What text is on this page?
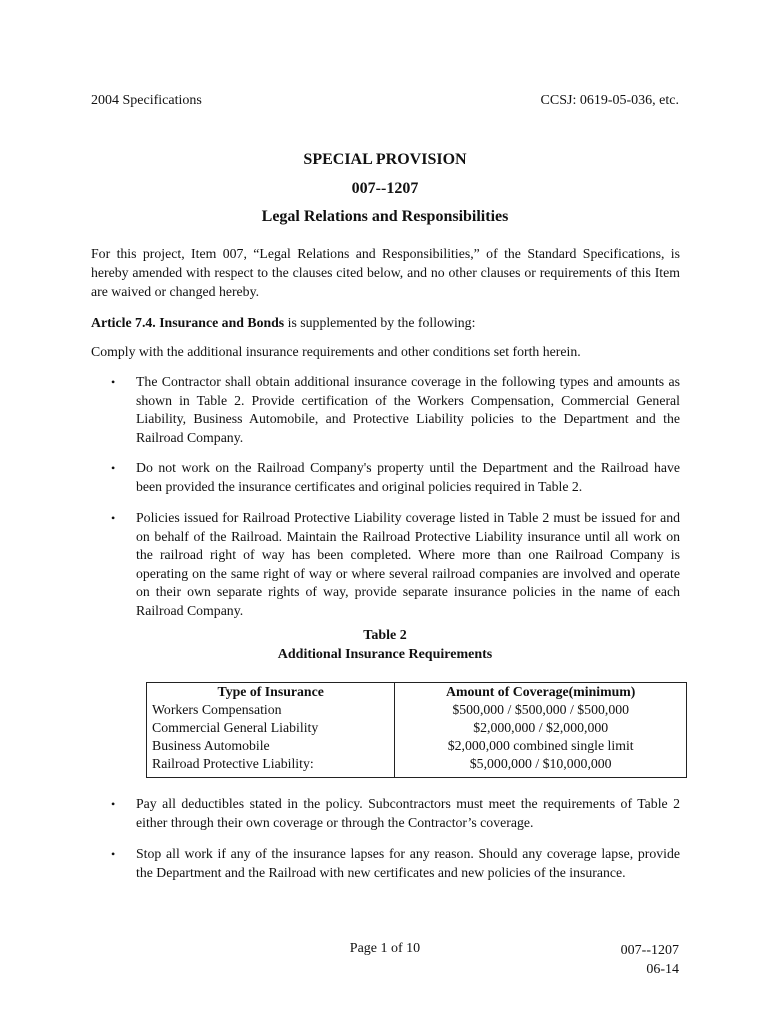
2004 Specifications	CCSJ: 0619-05-036, etc.
SPECIAL PROVISION
007--1207
Legal Relations and Responsibilities
For this project, Item 007, “Legal Relations and Responsibilities,” of the Standard Specifications, is hereby amended with respect to the clauses cited below, and no other clauses or requirements of this Item are waived or changed hereby.
Article 7.4. Insurance and Bonds is supplemented by the following:
Comply with the additional insurance requirements and other conditions set forth herein.
• The Contractor shall obtain additional insurance coverage in the following types and amounts as shown in Table 2. Provide certification of the Workers Compensation, Commercial General Liability, Business Automobile, and Protective Liability policies to the Department and the Railroad Company.
• Do not work on the Railroad Company's property until the Department and the Railroad have been provided the insurance certificates and original policies required in Table 2.
• Policies issued for Railroad Protective Liability coverage listed in Table 2 must be issued for and on behalf of the Railroad. Maintain the Railroad Protective Liability insurance until all work on the railroad right of way has been completed. Where more than one Railroad Company is operating on the same right of way or where several railroad companies are involved and operate on their own separate rights of way, provide separate insurance policies in the name of each Railroad Company.
Table 2
Additional Insurance Requirements
Type of Insurance	Amount of Coverage(minimum)
Workers Compensation	$500,000 / $500,000 / $500,000
Commercial General Liability	$2,000,000 / $2,000,000
Business Automobile	$2,000,000 combined single limit
Railroad Protective Liability:	$5,000,000 / $10,000,000
• Pay all deductibles stated in the policy. Subcontractors must meet the requirements of Table 2 either through their own coverage or through the Contractor’s coverage.
• Stop all work if any of the insurance lapses for any reason. Should any coverage lapse, provide the Department and the Railroad with new certificates and new policies of the insurance.
Page 1 of 10	007--1207
06-14
